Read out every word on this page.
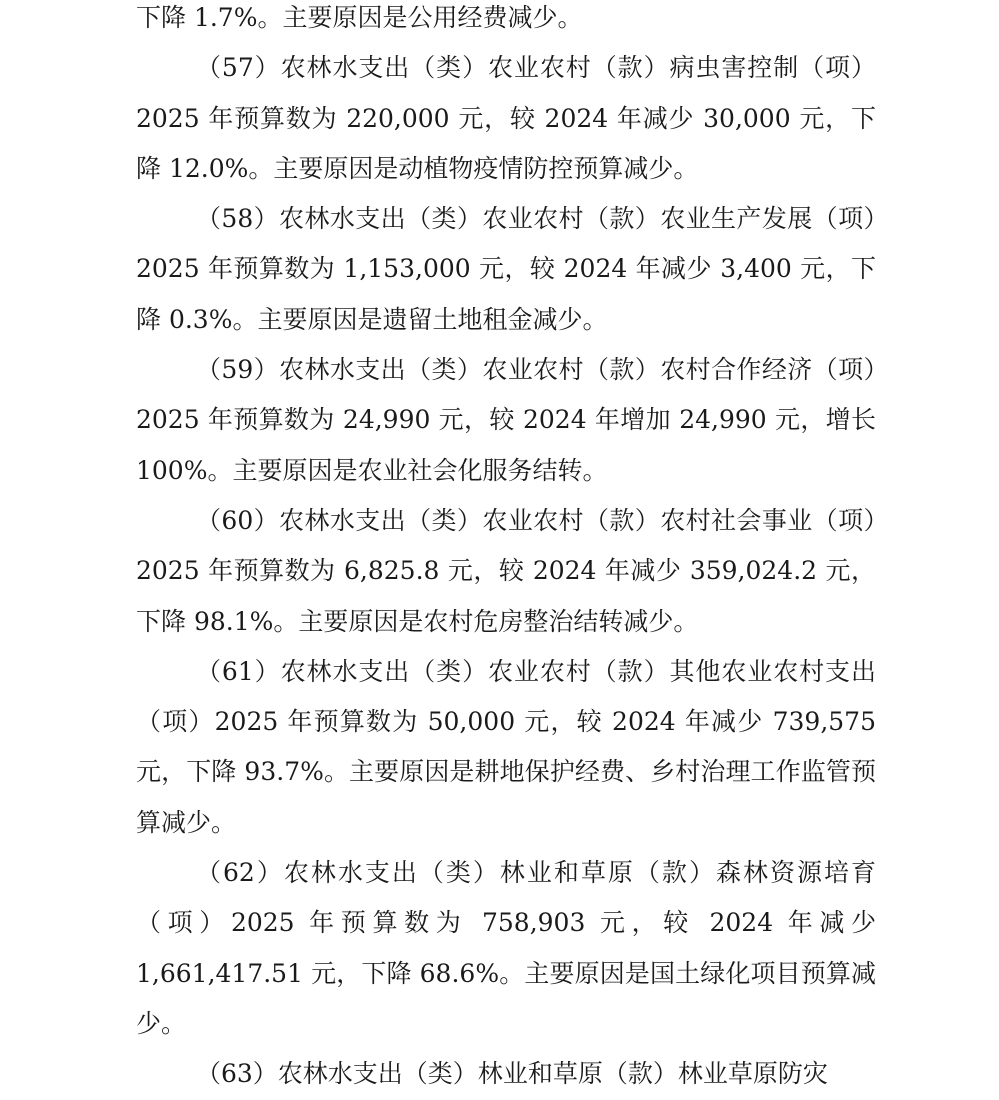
下降 1.7%。主要原因是公用经费减少。

（57）农林水支出（类）农业农村（款）病虫害控制（项）2025 年预算数为 220,000 元，较 2024 年减少 30,000 元，下降 12.0%。主要原因是动植物疫情防控预算减少。

（58）农林水支出（类）农业农村（款）农业生产发展（项）2025 年预算数为 1,153,000 元，较 2024 年减少 3,400 元，下降 0.3%。主要原因是遗留土地租金减少。

（59）农林水支出（类）农业农村（款）农村合作经济（项）2025 年预算数为 24,990 元，较 2024 年增加 24,990 元，增长 100%。主要原因是农业社会化服务结转。

（60）农林水支出（类）农业农村（款）农村社会事业（项）2025 年预算数为 6,825.8 元，较 2024 年减少 359,024.2 元，下降 98.1%。主要原因是农村危房整治结转减少。

（61）农林水支出（类）农业农村（款）其他农业农村支出（项）2025 年预算数为 50,000 元，较 2024 年减少 739,575 元，下降 93.7%。主要原因是耕地保护经费、乡村治理工作监管预算减少。

（62）农林水支出（类）林业和草原（款）森林资源培育（项）2025 年预算数为 758,903 元，较 2024 年减少 1,661,417.51 元，下降 68.6%。主要原因是国土绿化项目预算减少。

（63）农林水支出（类）林业和草原（款）林业草原防灾
